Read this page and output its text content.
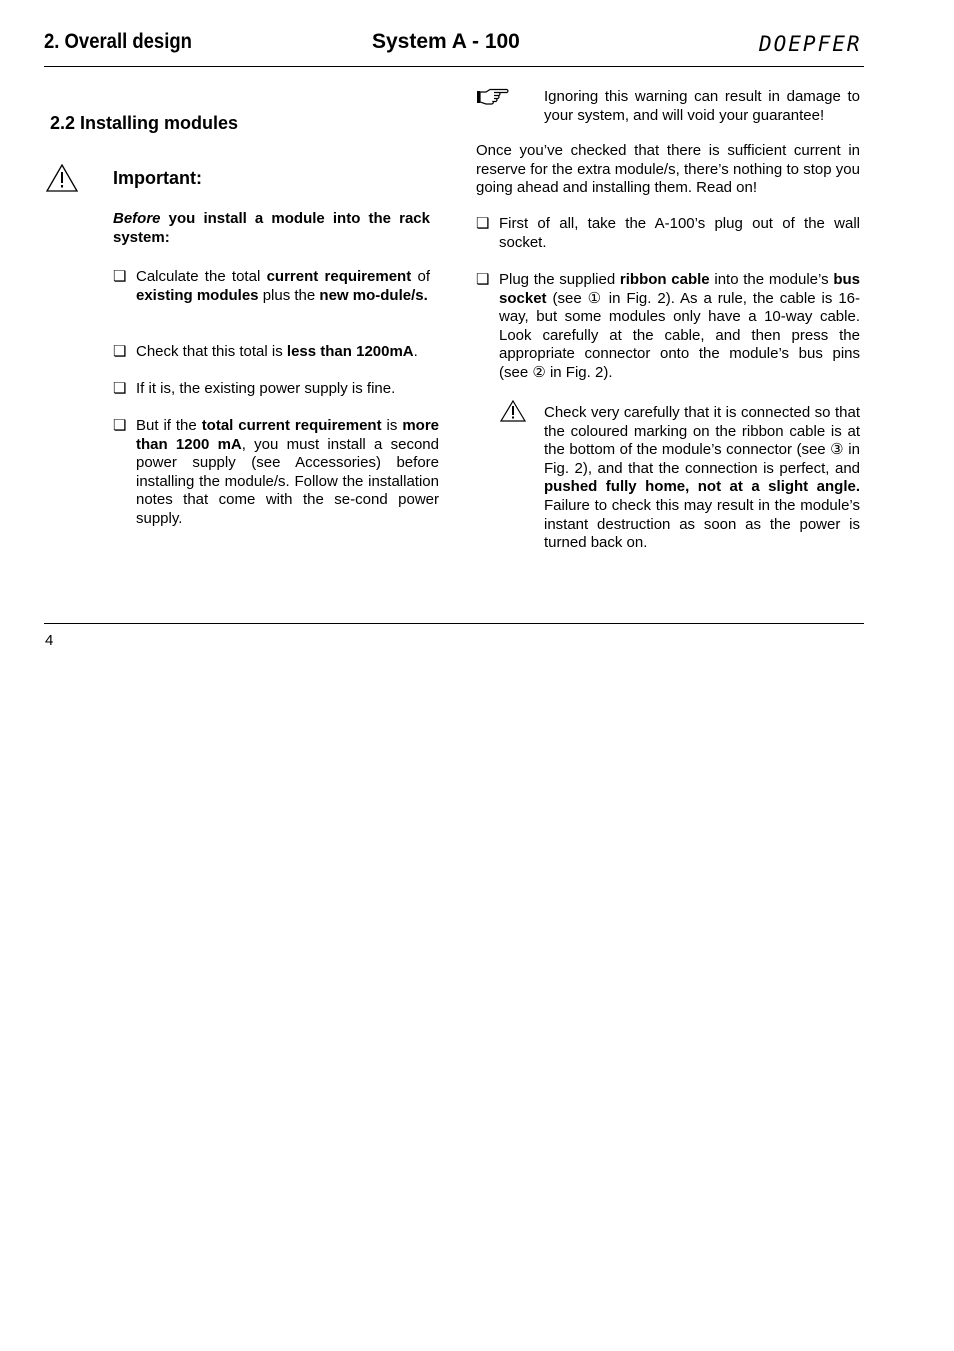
2. Overall design	System A - 100	DOEPFER
2.2 Installing modules
Important:
Before you install a module into the rack system:
❏ Calculate the total current requirement of existing modules plus the new mo-dule/s.
❏ Check that this total is less than 1200mA.
❏ If it is, the existing power supply is fine.
❏ But if the total current requirement is more than 1200 mA, you must install a second power supply (see Accessories) before installing the module/s. Follow the installation notes that come with the se-cond power supply.
Ignoring this warning can result in damage to your system, and will void your guarantee!
Once you’ve checked that there is sufficient current in reserve for the extra module/s, there’s nothing to stop you going ahead and installing them. Read on!
❏ First of all, take the A-100’s plug out of the wall socket.
❏ Plug the supplied ribbon cable into the module’s bus socket (see ① in Fig. 2). As a rule, the cable is 16-way, but some modules only have a 10-way cable. Look carefully at the cable, and then press the appropriate connector onto the module’s bus pins (see ② in Fig. 2).
Check very carefully that it is connected so that the coloured marking on the ribbon cable is at the bottom of the module’s connector (see ③ in Fig. 2), and that the connection is perfect, and pushed fully home, not at a slight angle. Failure to check this may result in the module’s instant destruction as soon as the power is turned back on.
4
